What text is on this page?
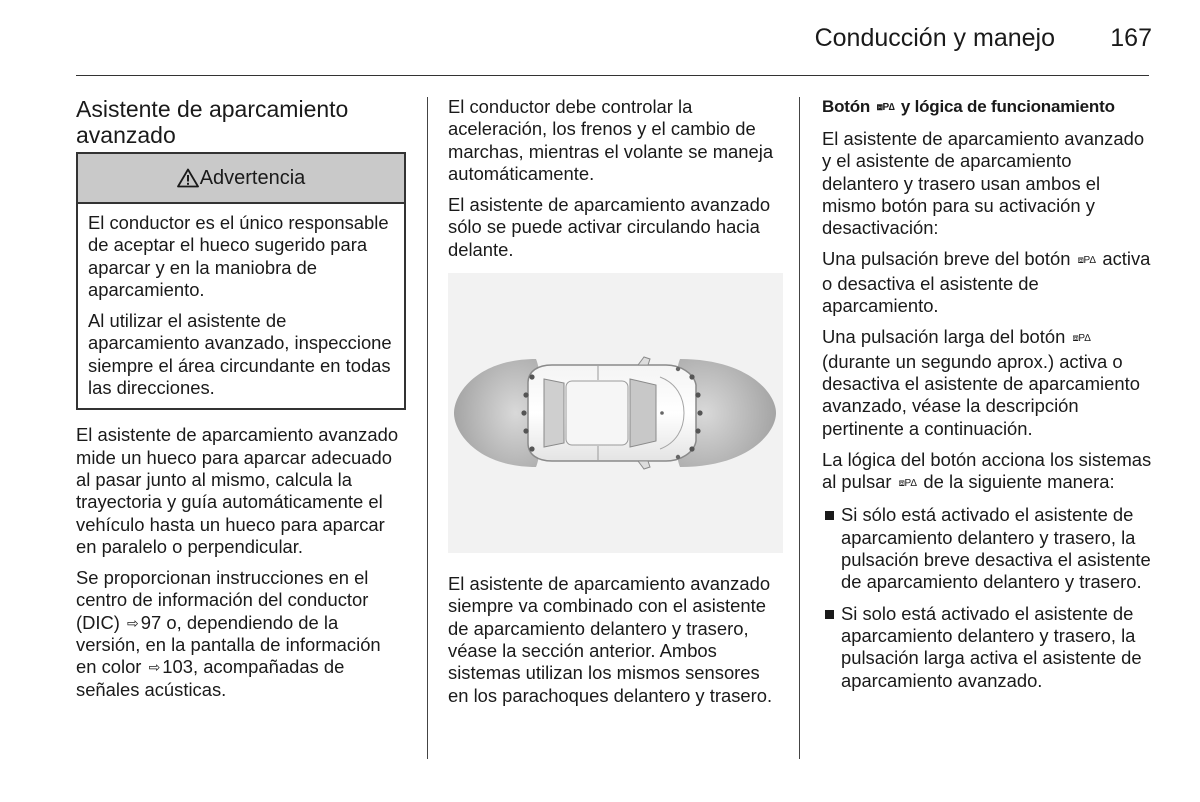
Conducción y manejo 167
Asistente de aparcamiento avanzado
Advertencia

El conductor es el único responsable de aceptar el hueco sugerido para aparcar y en la maniobra de aparcamiento.

Al utilizar el asistente de aparcamiento avanzado, inspeccione siempre el área circundante en todas las direcciones.

El asistente de aparcamiento avanzado mide un hueco para aparcar adecuado al pasar junto al mismo, calcula la trayectoria y guía automáticamente el vehículo hasta un hueco para aparcar en paralelo o perpendicular.

Se proporcionan instrucciones en el centro de información del conductor (DIC) ⇨ 97 o, dependiendo de la versión, en la pantalla de información en color ⇨ 103, acompañadas de señales acústicas.

El conductor debe controlar la aceleración, los frenos y el cambio de marchas, mientras el volante se maneja automáticamente.

El asistente de aparcamiento avanzado sólo se puede activar circulando hacia delante.

El asistente de aparcamiento avanzado siempre va combinado con el asistente de aparcamiento delantero y trasero, véase la sección anterior. Ambos sistemas utilizan los mismos sensores en los parachoques delantero y trasero.

Botón ⧈P∆ y lógica de funcionamiento

El asistente de aparcamiento avanzado y el asistente de aparcamiento delantero y trasero usan ambos el mismo botón para su activación y desactivación:

Una pulsación breve del botón ⧈P∆ activa o desactiva el asistente de aparcamiento.

Una pulsación larga del botón ⧈P∆ (durante un segundo aprox.) activa o desactiva el asistente de aparcamiento avanzado, véase la descripción pertinente a continuación.

La lógica del botón acciona los sistemas al pulsar ⧈P∆ de la siguiente manera:

Si sólo está activado el asistente de aparcamiento delantero y trasero, la pulsación breve desactiva el asistente de aparcamiento delantero y trasero.
Si solo está activado el asistente de aparcamiento delantero y trasero, la pulsación larga activa el asistente de aparcamiento avanzado.
